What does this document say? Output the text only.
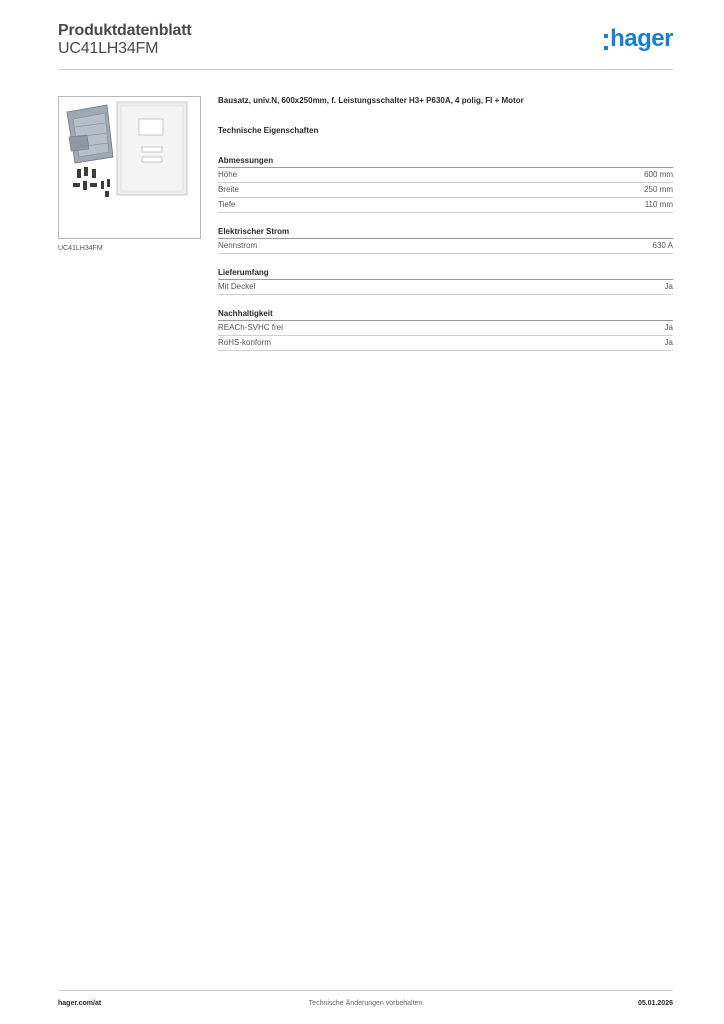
Produktdatenblatt
UC41LH34FM	hager
UC41LH34FM
Bausatz, univ.N, 600x250mm, f. Leistungsschalter H3+ P630A, 4 polig, FI + Motor
Technische Eigenschaften
Abmessungen
Höhe	600 mm
Breite	250 mm
Tiefe	110 mm
Elektrischer Strom
Nennstrom	630 A
Lieferumfang
Mit Deckel	Ja
Nachhaltigkeit
REACh-SVHC frei	Ja
RoHS-konform	Ja
hager.com/at	Technische Änderungen vorbehalten	05.01.2026
